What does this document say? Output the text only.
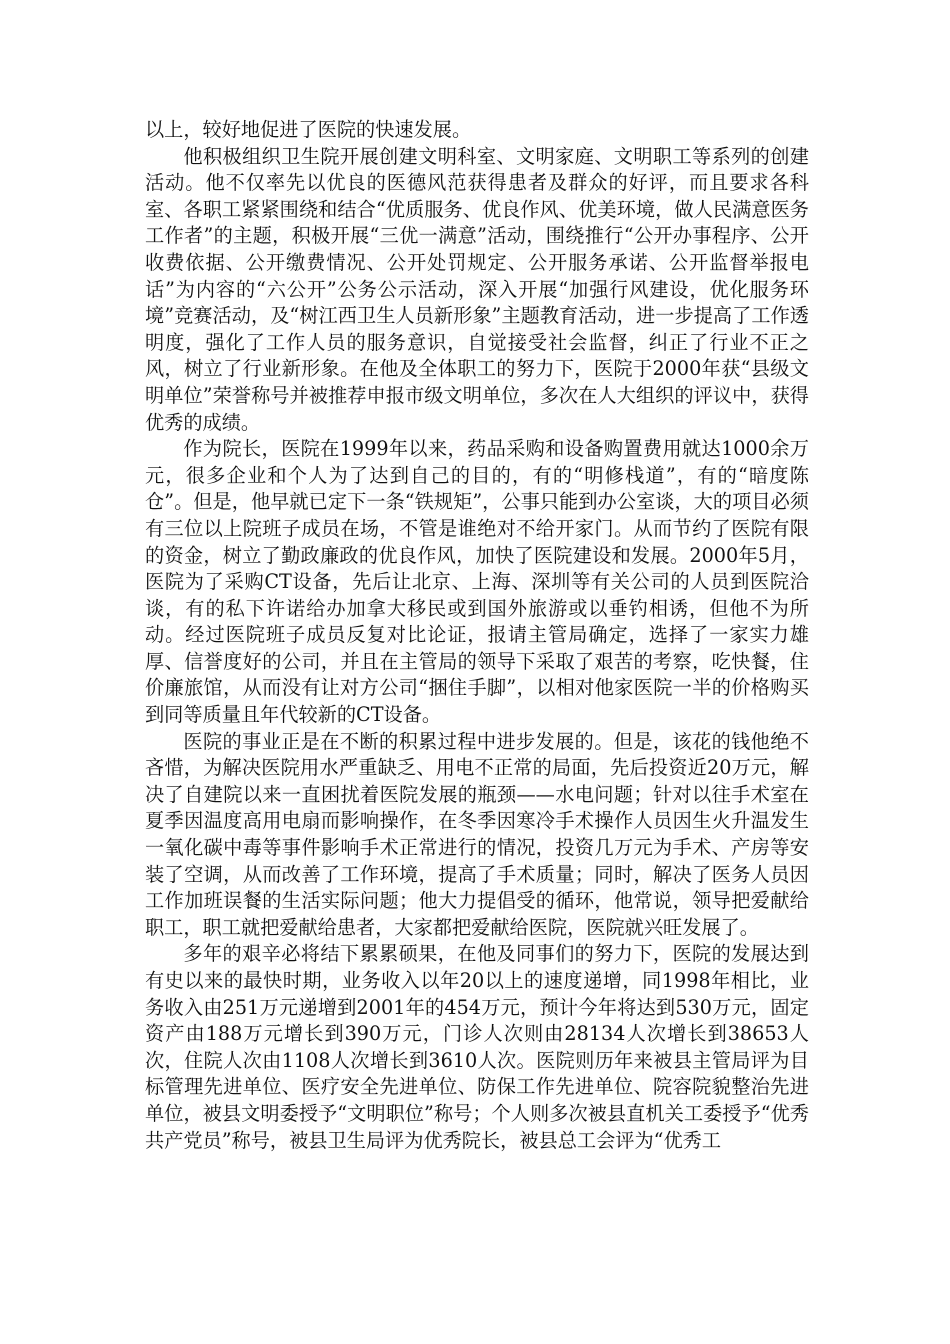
以上，较好地促进了医院的快速发展。

他积极组织卫生院开展创建文明科室、文明家庭、文明职工等系列的创建活动。他不仅率先以优良的医德风范获得患者及群众的好评，而且要求各科室、各职工紧紧围绕和结合“优质服务、优良作风、优美环境，做人民满意医务工作者”的主题，积极开展“三优一满意”活动，围绕推行“公开办事程序、公开收费依据、公开缴费情况、公开处罚规定、公开服务承诺、公开监督举报电话”为内容的“六公开”公务公示活动，深入开展“加强行风建设，优化服务环境”竞赛活动，及“树江西卫生人员新形象”主题教育活动，进一步提高了工作透明度，强化了工作人员的服务意识，自觉接受社会监督，纠正了行业不正之风，树立了行业新形象。在他及全体职工的努力下，医院于2000年获“县级文明单位”荣誉称号并被推荐申报市级文明单位，多次在人大组织的评议中，获得优秀的成绩。

作为院长，医院在1999年以来，药品采购和设备购置费用就达1000余万元，很多企业和个人为了达到自己的目的，有的“明修栈道”，有的“暗度陈仓”。但是，他早就已定下一条“铁规矩”，公事只能到办公室谈，大的项目必须有三位以上院班子成员在场，不管是谁绝对不给开家门。从而节约了医院有限的资金，树立了勤政廉政的优良作风，加快了医院建设和发展。2000年5月，医院为了采购CT设备，先后让北京、上海、深圳等有关公司的人员到医院洽谈，有的私下许诺给办加拿大移民或到国外旅游或以垂钓相诱，但他不为所动。经过医院班子成员反复对比论证，报请主管局确定，选择了一家实力雄厚、信誉度好的公司，并且在主管局的领导下采取了艰苦的考察，吃快餐，住价廉旅馆，从而没有让对方公司“捆住手脚”，以相对他家医院一半的价格购买到同等质量且年代较新的CT设备。

医院的事业正是在不断的积累过程中进步发展的。但是，该花的钱他绝不吝惜，为解决医院用水严重缺乏、用电不正常的局面，先后投资近20万元，解决了自建院以来一直困扰着医院发展的瓶颈——水电问题；针对以往手术室在夏季因温度高用电扇而影响操作，在冬季因寒冷手术操作人员因生火升温发生一氧化碳中毒等事件影响手术正常进行的情况，投资几万元为手术、产房等安装了空调，从而改善了工作环境，提高了手术质量；同时，解决了医务人员因工作加班误餐的生活实际问题；他大力提倡受的循环，他常说，领导把爱献给职工，职工就把爱献给患者，大家都把爱献给医院，医院就兴旺发展了。

多年的艰辛必将结下累累硕果，在他及同事们的努力下，医院的发展达到有史以来的最快时期，业务收入以年20以上的速度递增，同1998年相比，业务收入由251万元递增到2001年的454万元，预计今年将达到530万元，固定资产由188万元增长到390万元，门诊人次则由28134人次增长到38653人次，住院人次由1108人次增长到3610人次。医院则历年来被县主管局评为目标管理先进单位、医疗安全先进单位、防保工作先进单位、院容院貌整治先进单位，被县文明委授予“文明职位”称号；个人则多次被县直机关工委授予“优秀共产党员”称号，被县卫生局评为优秀院长，被县总工会评为“优秀工
